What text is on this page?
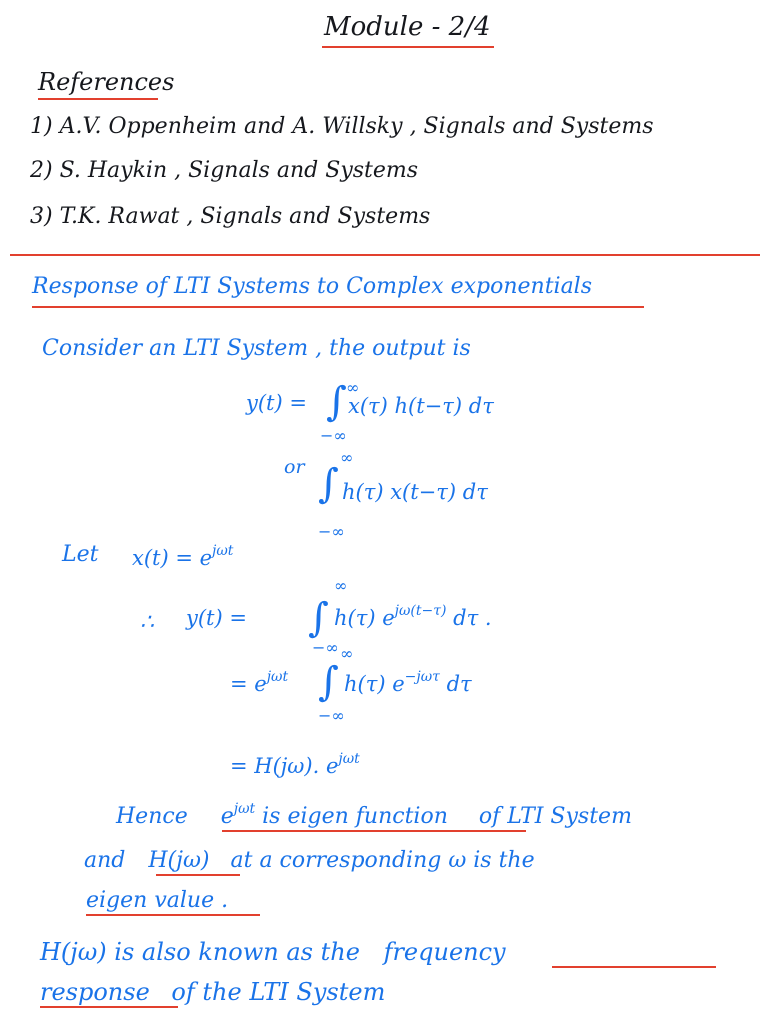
Module - 2/4
References
1) A.V. Oppenheim and A. Willsky , Signals and Systems
2) S. Haykin , Signals and Systems
3) T.K. Rawat , Signals and Systems
Response of LTI Systems to Complex exponentials
Consider an LTI System , the output is
y(t) = ∫ ∞
−∞
x(τ) h(t−τ) dτ
or ∫
∞
−∞
h(τ) x(t−τ) dτ
Let $x(t) = e^{j\omega t}$
∴ y(t) = ∫
∞
−∞
h(τ) $e^{j\omega(t-\tau)}$ dτ .
= $e^{j\omega t}$ ∫
∞
−∞
h(τ) $e^{-j\omega\tau}$ dτ
= H(jω). $e^{j\omega t}$
Hence $e^{j\omega t}$ is eigen function of LTI System
and H(jω) at a corresponding ω is the
eigen value .
H(jω) is also known as the frequency
response of the LTI System
